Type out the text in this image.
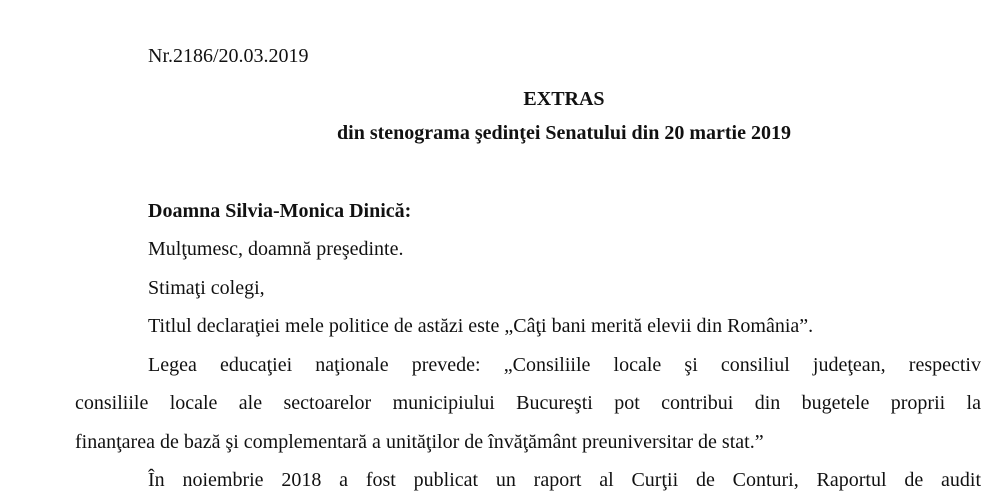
Nr.2186/20.03.2019
EXTRAS
din stenograma şedinţei Senatului din 20 martie 2019
Doamna Silvia-Monica Dinică:
Mulţumesc, doamnă preşedinte.
Stimaţi colegi,
Titlul declaraţiei mele politice de astăzi este „Câţi bani merită elevii din România”.
Legea educaţiei naţionale prevede: „Consiliile locale şi consiliul judeţean, respectiv
consiliile locale ale sectoarelor municipiului Bucureşti pot contribui din bugetele proprii la
finanţarea de bază şi complementară a unităţilor de învăţământ preuniversitar de stat.”
În noiembrie 2018 a fost publicat un raport al Curţii de Conturi, Raportul de audit
